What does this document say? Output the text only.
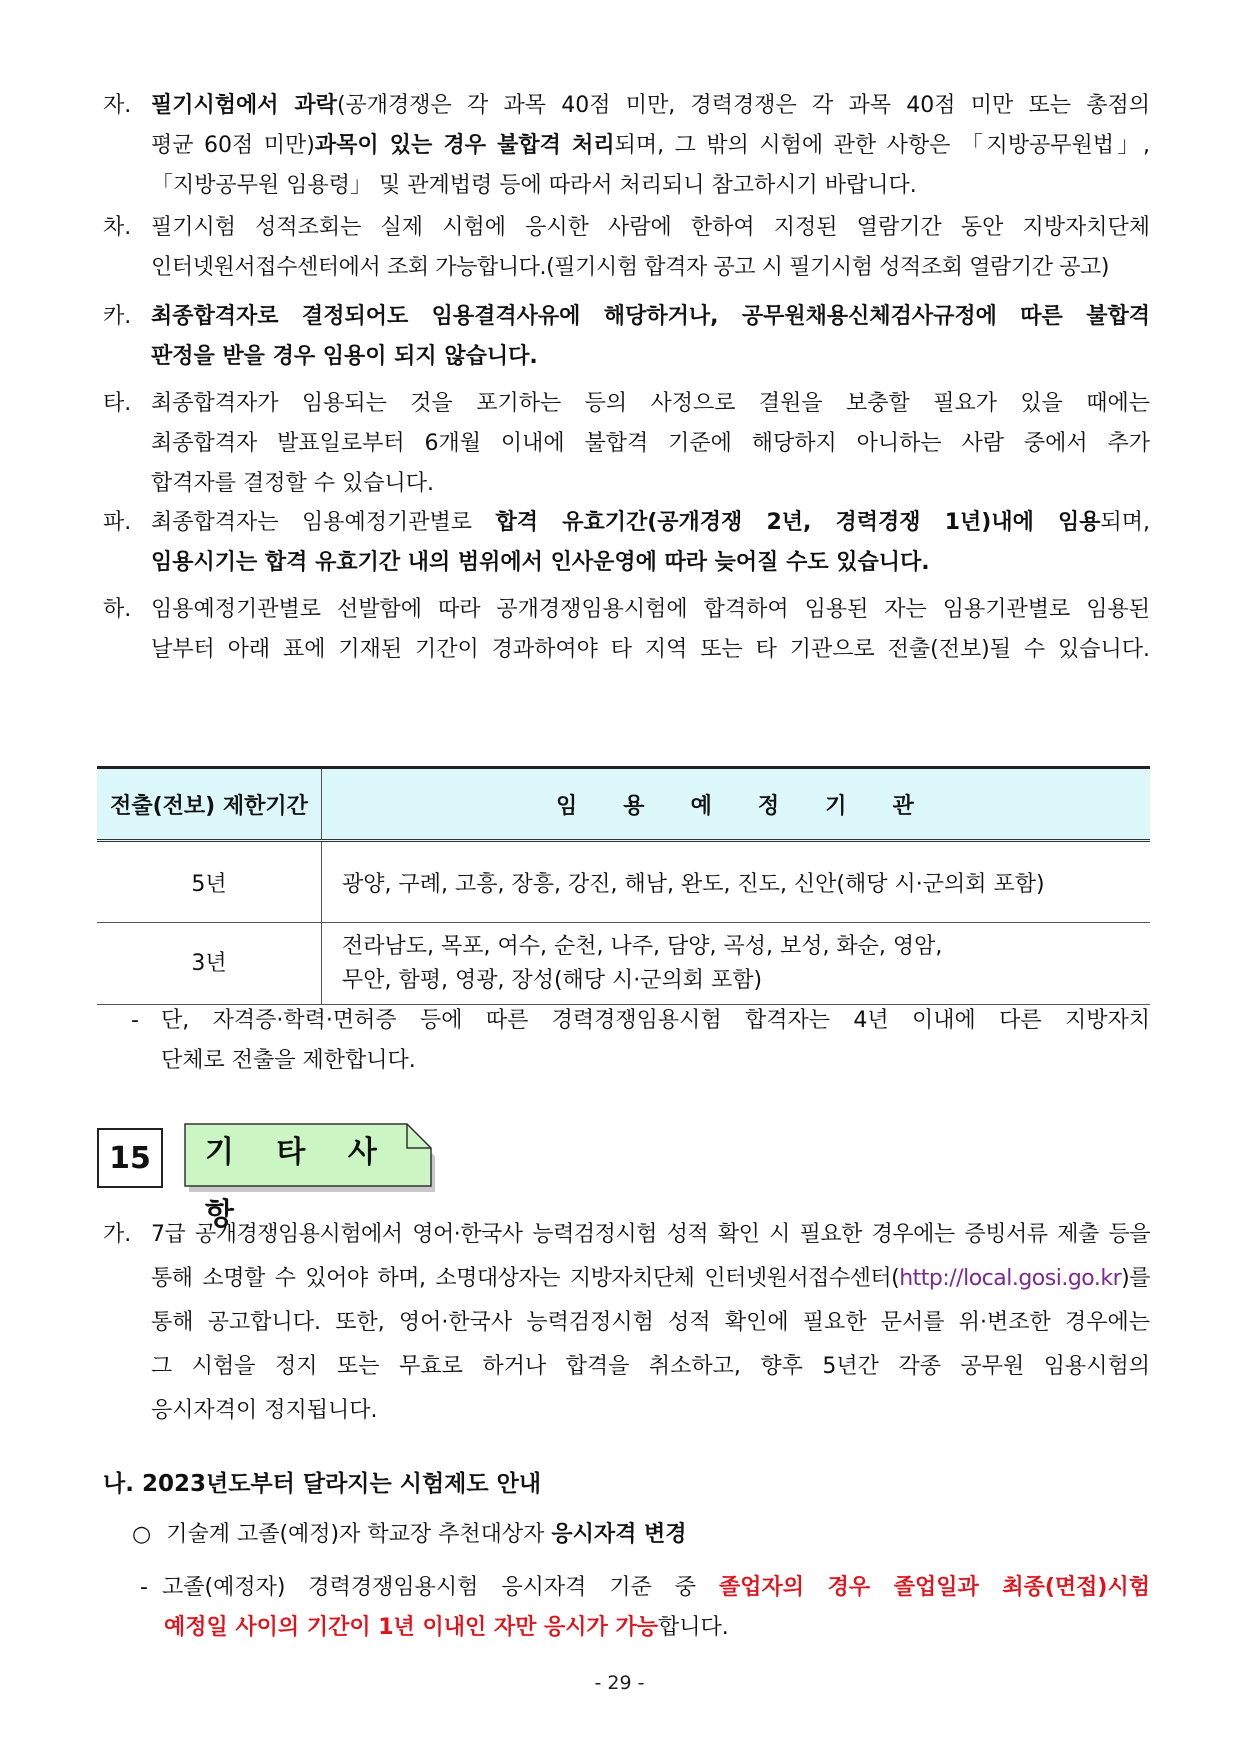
자. 필기시험에서 과락(공개경쟁은 각 과목 40점 미만, 경력경쟁은 각 과목 40점 미만 또는 총점의
평균 60점 미만)과목이 있는 경우 불합격 처리되며, 그 밖의 시험에 관한 사항은 「지방공무원법」,
「지방공무원 임용령」 및 관계법령 등에 따라서 처리되니 참고하시기 바랍니다.
차. 필기시험 성적조회는 실제 시험에 응시한 사람에 한하여 지정된 열람기간 동안 지방자치단체
인터넷원서접수센터에서 조회 가능합니다.(필기시험 합격자 공고 시 필기시험 성적조회 열람기간 공고)
카. 최종합격자로 결정되어도 임용결격사유에 해당하거나, 공무원채용신체검사규정에 따른 불합격
판정을 받을 경우 임용이 되지 않습니다.
타. 최종합격자가 임용되는 것을 포기하는 등의 사정으로 결원을 보충할 필요가 있을 때에는
최종합격자 발표일로부터 6개월 이내에 불합격 기준에 해당하지 아니하는 사람 중에서 추가
합격자를 결정할 수 있습니다.
파. 최종합격자는 임용예정기관별로 합격 유효기간(공개경쟁 2년, 경력경쟁 1년)내에 임용되며,
임용시기는 합격 유효기간 내의 범위에서 인사운영에 따라 늦어질 수도 있습니다.
하. 임용예정기관별로 선발함에 따라 공개경쟁임용시험에 합격하여 임용된 자는 임용기관별로 임용된
날부터 아래 표에 기재된 기간이 경과하여야 타 지역 또는 타 기관으로 전출(전보)될 수 있습니다.
전출(전보) 제한기간	임 용 예 정 기 관
5년	광양, 구례, 고흥, 장흥, 강진, 해남, 완도, 진도, 신안(해당 시·군의회 포함)
3년	전라남도, 목포, 여수, 순천, 나주, 담양, 곡성, 보성, 화순, 영암,
무안, 함평, 영광, 장성(해당 시·군의회 포함)
- 단, 자격증·학력·면허증 등에 따른 경력경쟁임용시험 합격자는 4년 이내에 다른 지방자치
단체로 전출을 제한합니다.
15	기 타 사 항
가. 7급 공개경쟁임용시험에서 영어·한국사 능력검정시험 성적 확인 시 필요한 경우에는 증빙서류 제출 등을
통해 소명할 수 있어야 하며, 소명대상자는 지방자치단체 인터넷원서접수센터(http://local.gosi.go.kr)를
통해 공고합니다. 또한, 영어·한국사 능력검정시험 성적 확인에 필요한 문서를 위·변조한 경우에는
그 시험을 정지 또는 무효로 하거나 합격을 취소하고, 향후 5년간 각종 공무원 임용시험의
응시자격이 정지됩니다.
나. 2023년도부터 달라지는 시험제도 안내
○ 기술계 고졸(예정)자 학교장 추천대상자 응시자격 변경
- 고졸(예정자) 경력경쟁임용시험 응시자격 기준 중 졸업자의 경우 졸업일과 최종(면접)시험
예정일 사이의 기간이 1년 이내인 자만 응시가 가능합니다.
- 29 -
